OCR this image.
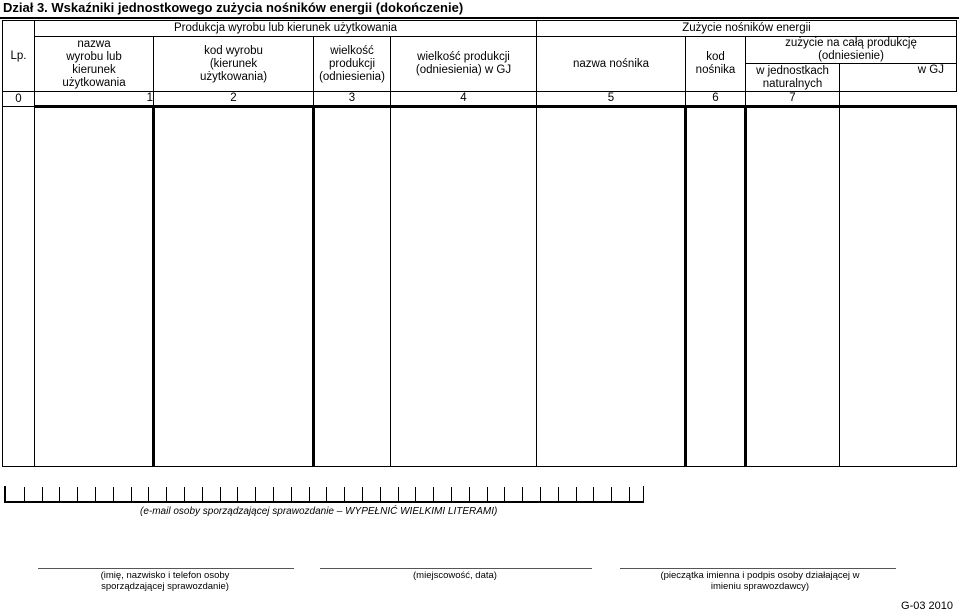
Dział 3. Wskaźniki jednostkowego zużycia nośników energii (dokończenie)
Lp.	Produkcja wyrobu lub kierunek użytkowania				Zużycie nośników energii			
	nazwa wyrobu lub kierunek użytkowania	kod wyrobu (kierunek użytkowania)	wielkość produkcji (odniesienia)	wielkość produkcji (odniesienia) w GJ	nazwa nośnika	kod nośnika	zużycie na całą produkcję (odniesienie)	
							w jednostkach naturalnych	w GJ
0	1	2	3	4	5	6	7	

(e-mail osoby sporządzającej sprawozdanie – WYPEŁNIĆ WIELKIMI LITERAMI)
(imię, nazwisko i telefon osoby sporządzającej sprawozdanie)
(miejscowość, data)	(pieczątka imienna i podpis osoby działającej w imieniu sprawozdawcy)
G-03 2010
